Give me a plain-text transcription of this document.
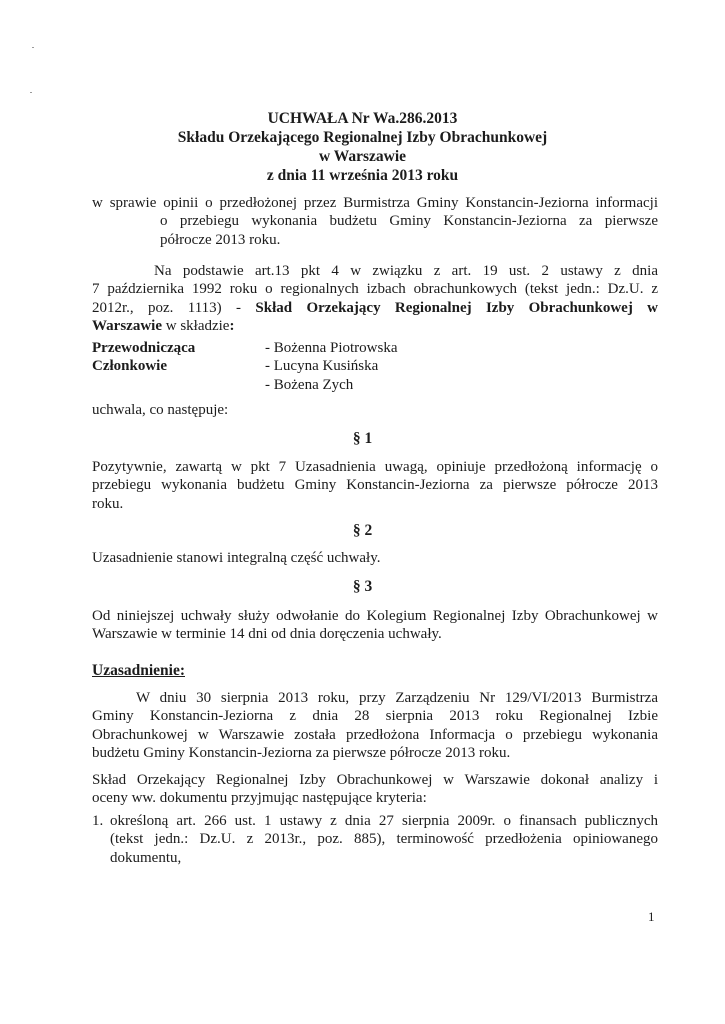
UCHWAŁA Nr Wa.286.2013
Składu Orzekającego Regionalnej Izby Obrachunkowej
w Warszawie
z dnia 11 września 2013 roku
w sprawie opinii o przedłożonej przez Burmistrza Gminy Konstancin-Jeziorna informacji
o przebiegu wykonania budżetu Gminy Konstancin-Jeziorna za pierwsze
półrocze 2013 roku.
Na podstawie art.13 pkt 4 w związku z art. 19 ust. 2 ustawy z dnia
7 października 1992 roku o regionalnych izbach obrachunkowych (tekst jedn.: Dz.U. z
2012r., poz. 1113) - Skład Orzekający Regionalnej Izby Obrachunkowej w
Warszawie w składzie:
Przewodnicząca	- Bożenna Piotrowska
Członkowie	- Lucyna Kusińska
- Bożena Zych
uchwala, co następuje:
§ 1
Pozytywnie, zawartą w pkt 7 Uzasadnienia uwagą, opiniuje przedłożoną informację o
przebiegu wykonania budżetu Gminy Konstancin-Jeziorna za pierwsze półrocze 2013
roku.
§ 2
Uzasadnienie stanowi integralną część uchwały.
§ 3
Od niniejszej uchwały służy odwołanie do Kolegium Regionalnej Izby Obrachunkowej w
Warszawie w terminie 14 dni od dnia doręczenia uchwały.
Uzasadnienie:
W dniu 30 sierpnia 2013 roku, przy Zarządzeniu Nr 129/VI/2013 Burmistrza
Gminy Konstancin-Jeziorna z dnia 28 sierpnia 2013 roku Regionalnej Izbie
Obrachunkowej w Warszawie została przedłożona Informacja o przebiegu wykonania
budżetu Gminy Konstancin-Jeziorna za pierwsze półrocze 2013 roku.
Skład Orzekający Regionalnej Izby Obrachunkowej w Warszawie dokonał analizy i
oceny ww. dokumentu przyjmując następujące kryteria:
1. określoną art. 266 ust. 1 ustawy z dnia 27 sierpnia 2009r. o finansach publicznych
(tekst jedn.: Dz.U. z 2013r., poz. 885), terminowość przedłożenia opiniowanego
dokumentu,
1
